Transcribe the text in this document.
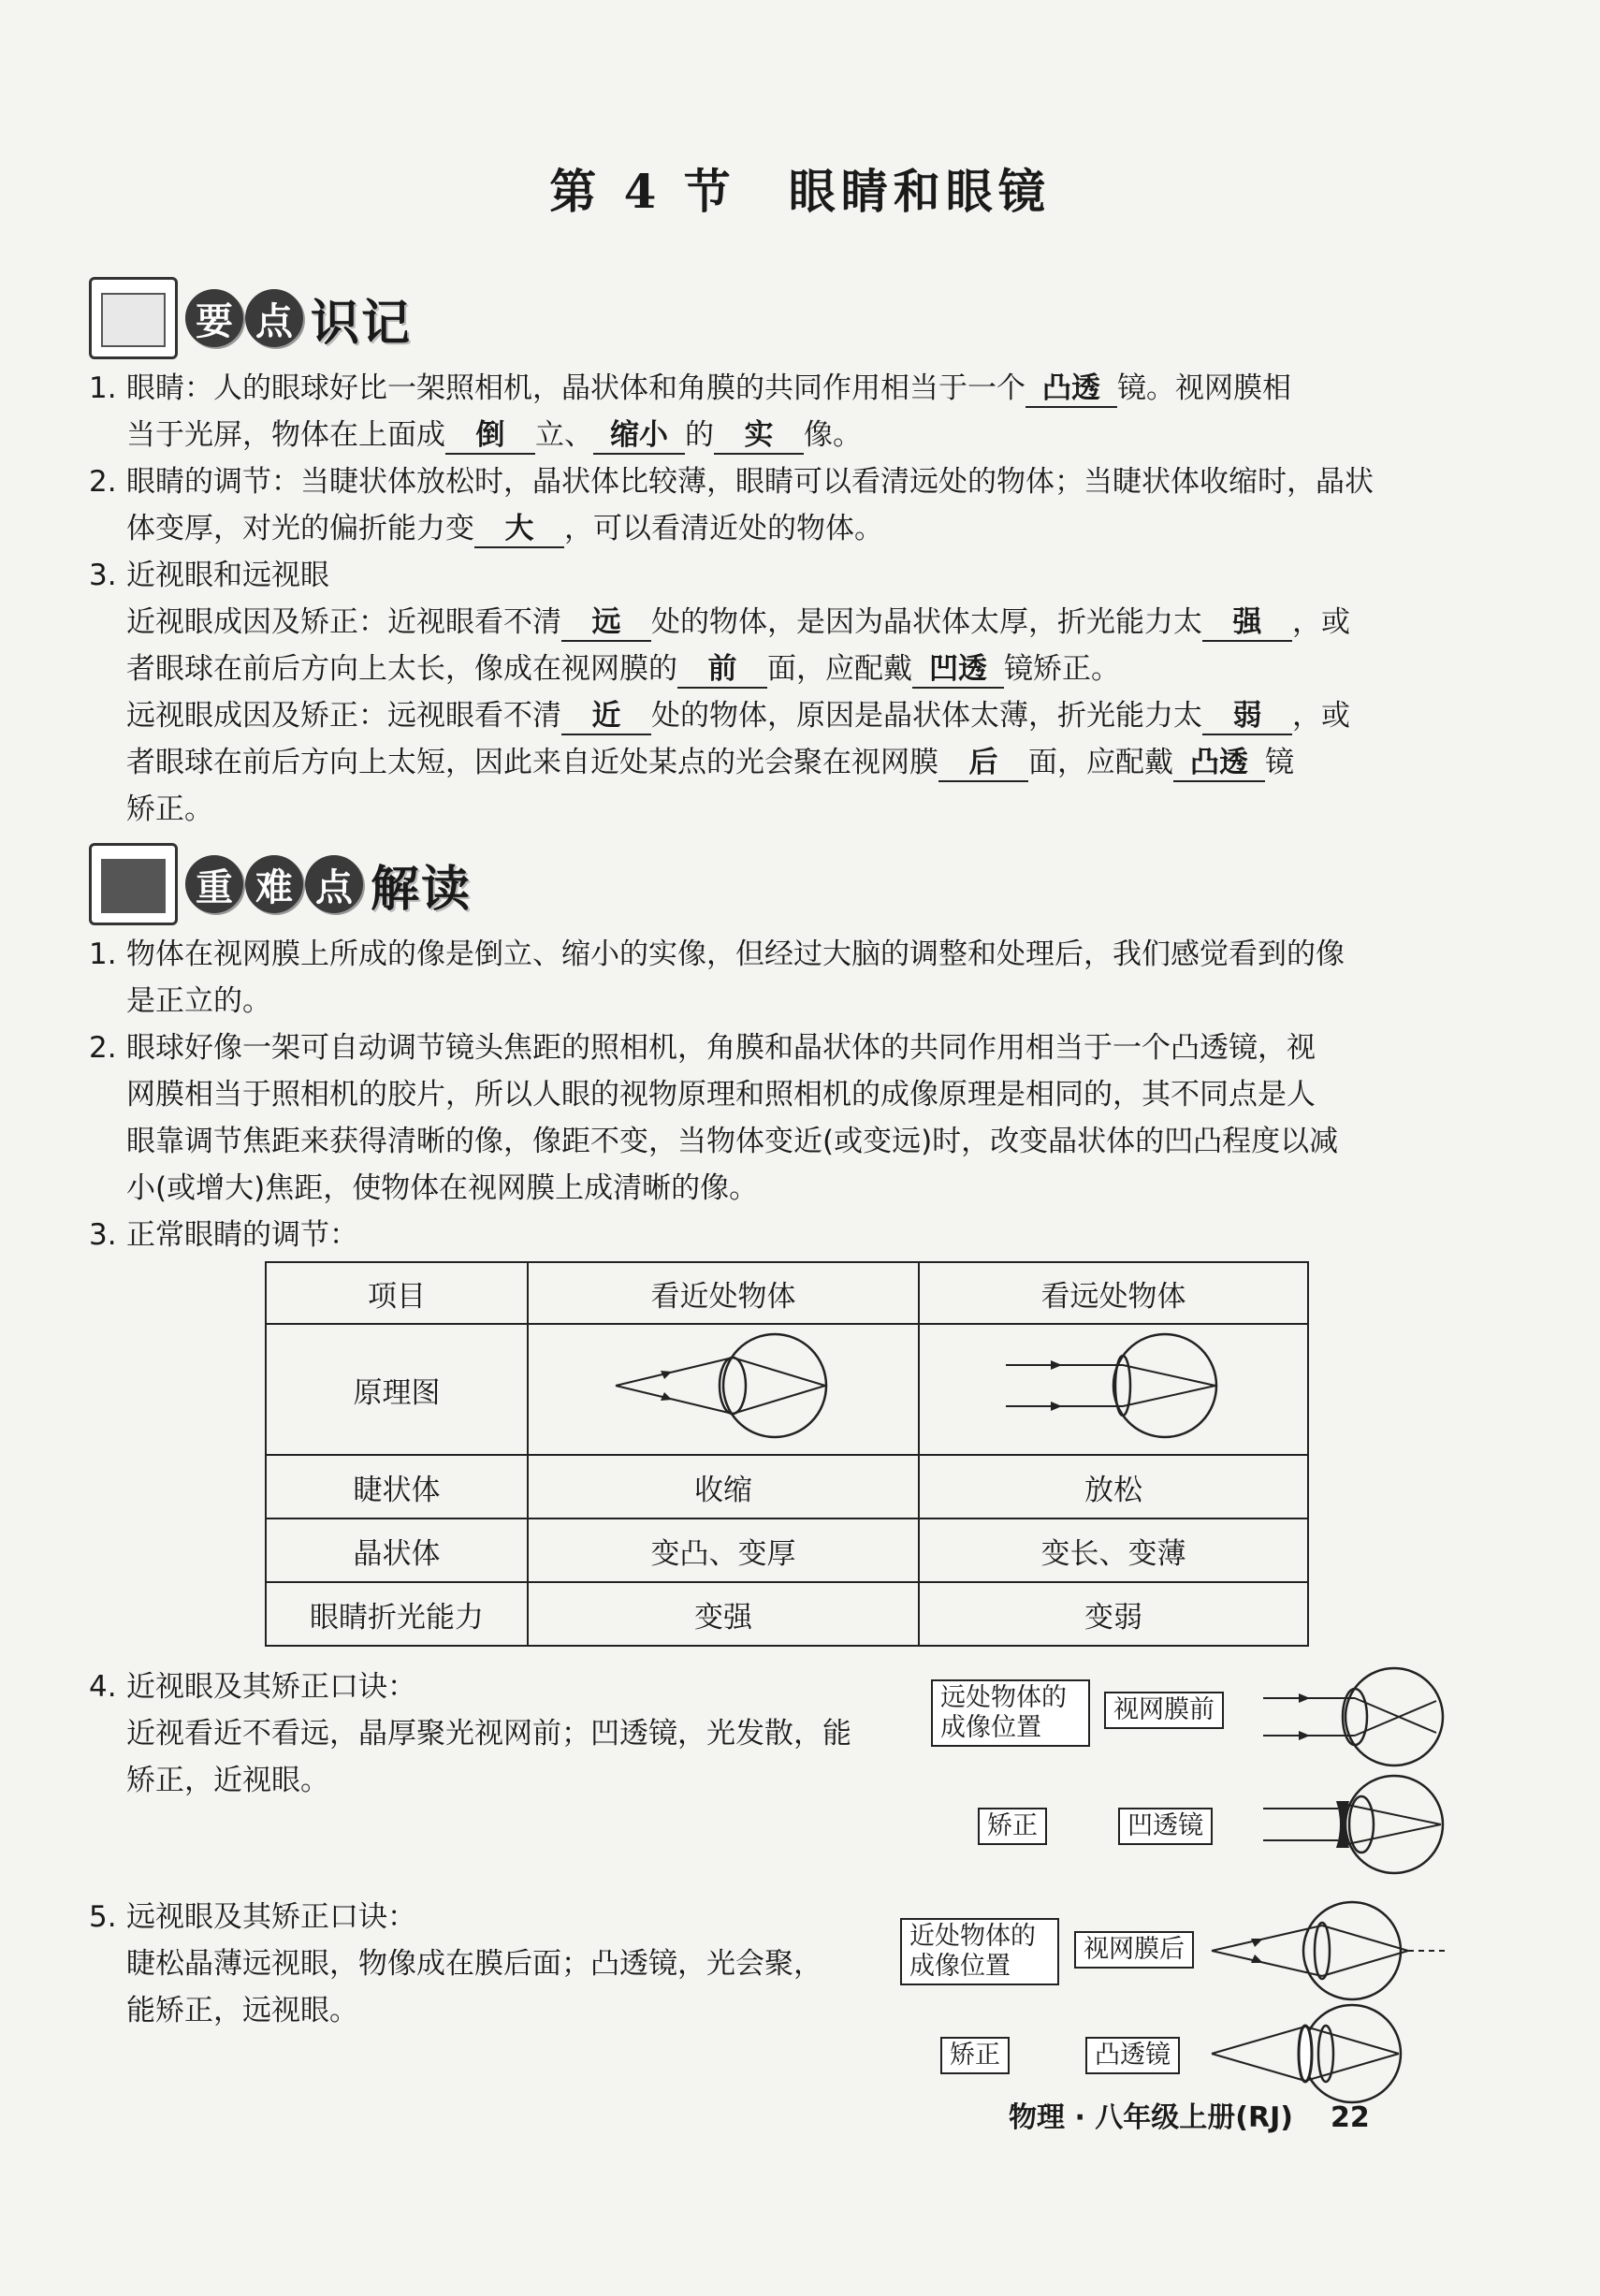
第 4 节　眼睛和眼镜
要 点 识记

1. 眼睛：人的眼球好比一架照相机，晶状体和角膜的共同作用相当于一个 凸透 镜。视网膜相

当于光屏，物体在上面成 倒 立、 缩小 的 实 像。

2. 眼睛的调节：当睫状体放松时，晶状体比较薄，眼睛可以看清远处的物体；当睫状体收缩时，晶状

体变厚，对光的偏折能力变 大 ，可以看清近处的物体。

3. 近视眼和远视眼

近视眼成因及矫正：近视眼看不清 远 处的物体，是因为晶状体太厚，折光能力太 强 ，或

者眼球在前后方向上太长，像成在视网膜的 前 面，应配戴 凹透 镜矫正。

远视眼成因及矫正：远视眼看不清 近 处的物体，原因是晶状体太薄，折光能力太 弱 ，或

者眼球在前后方向上太短，因此来自近处某点的光会聚在视网膜 后 面，应配戴 凸透 镜

矫正。

重 难 点 解读

1. 物体在视网膜上所成的像是倒立、缩小的实像，但经过大脑的调整和处理后，我们感觉看到的像

是正立的。

2. 眼球好像一架可自动调节镜头焦距的照相机，角膜和晶状体的共同作用相当于一个凸透镜，视

网膜相当于照相机的胶片，所以人眼的视物原理和照相机的成像原理是相同的，其不同点是人

眼靠调节焦距来获得清晰的像，像距不变，当物体变近(或变远)时，改变晶状体的凹凸程度以减

小(或增大)焦距，使物体在视网膜上成清晰的像。

3. 正常眼睛的调节：

项目	看近处物体	看远处物体
原理图		
睫状体	收缩	放松
晶状体	变凸、变厚	变长、变薄
眼睛折光能力	变强	变弱

4. 近视眼及其矫正口诀：

近视看近不看远，晶厚聚光视网前；凹透镜，光发散，能

矫正，近视眼。

远处物体的
成像位置
视网膜前
矫正	凹透镜

5. 远视眼及其矫正口诀：

睫松晶薄远视眼，物像成在膜后面；凸透镜，光会聚，

能矫正，远视眼。

近处物体的
成像位置
视网膜后
矫正	凸透镜
物理 · 八年级上册(RJ) 22
